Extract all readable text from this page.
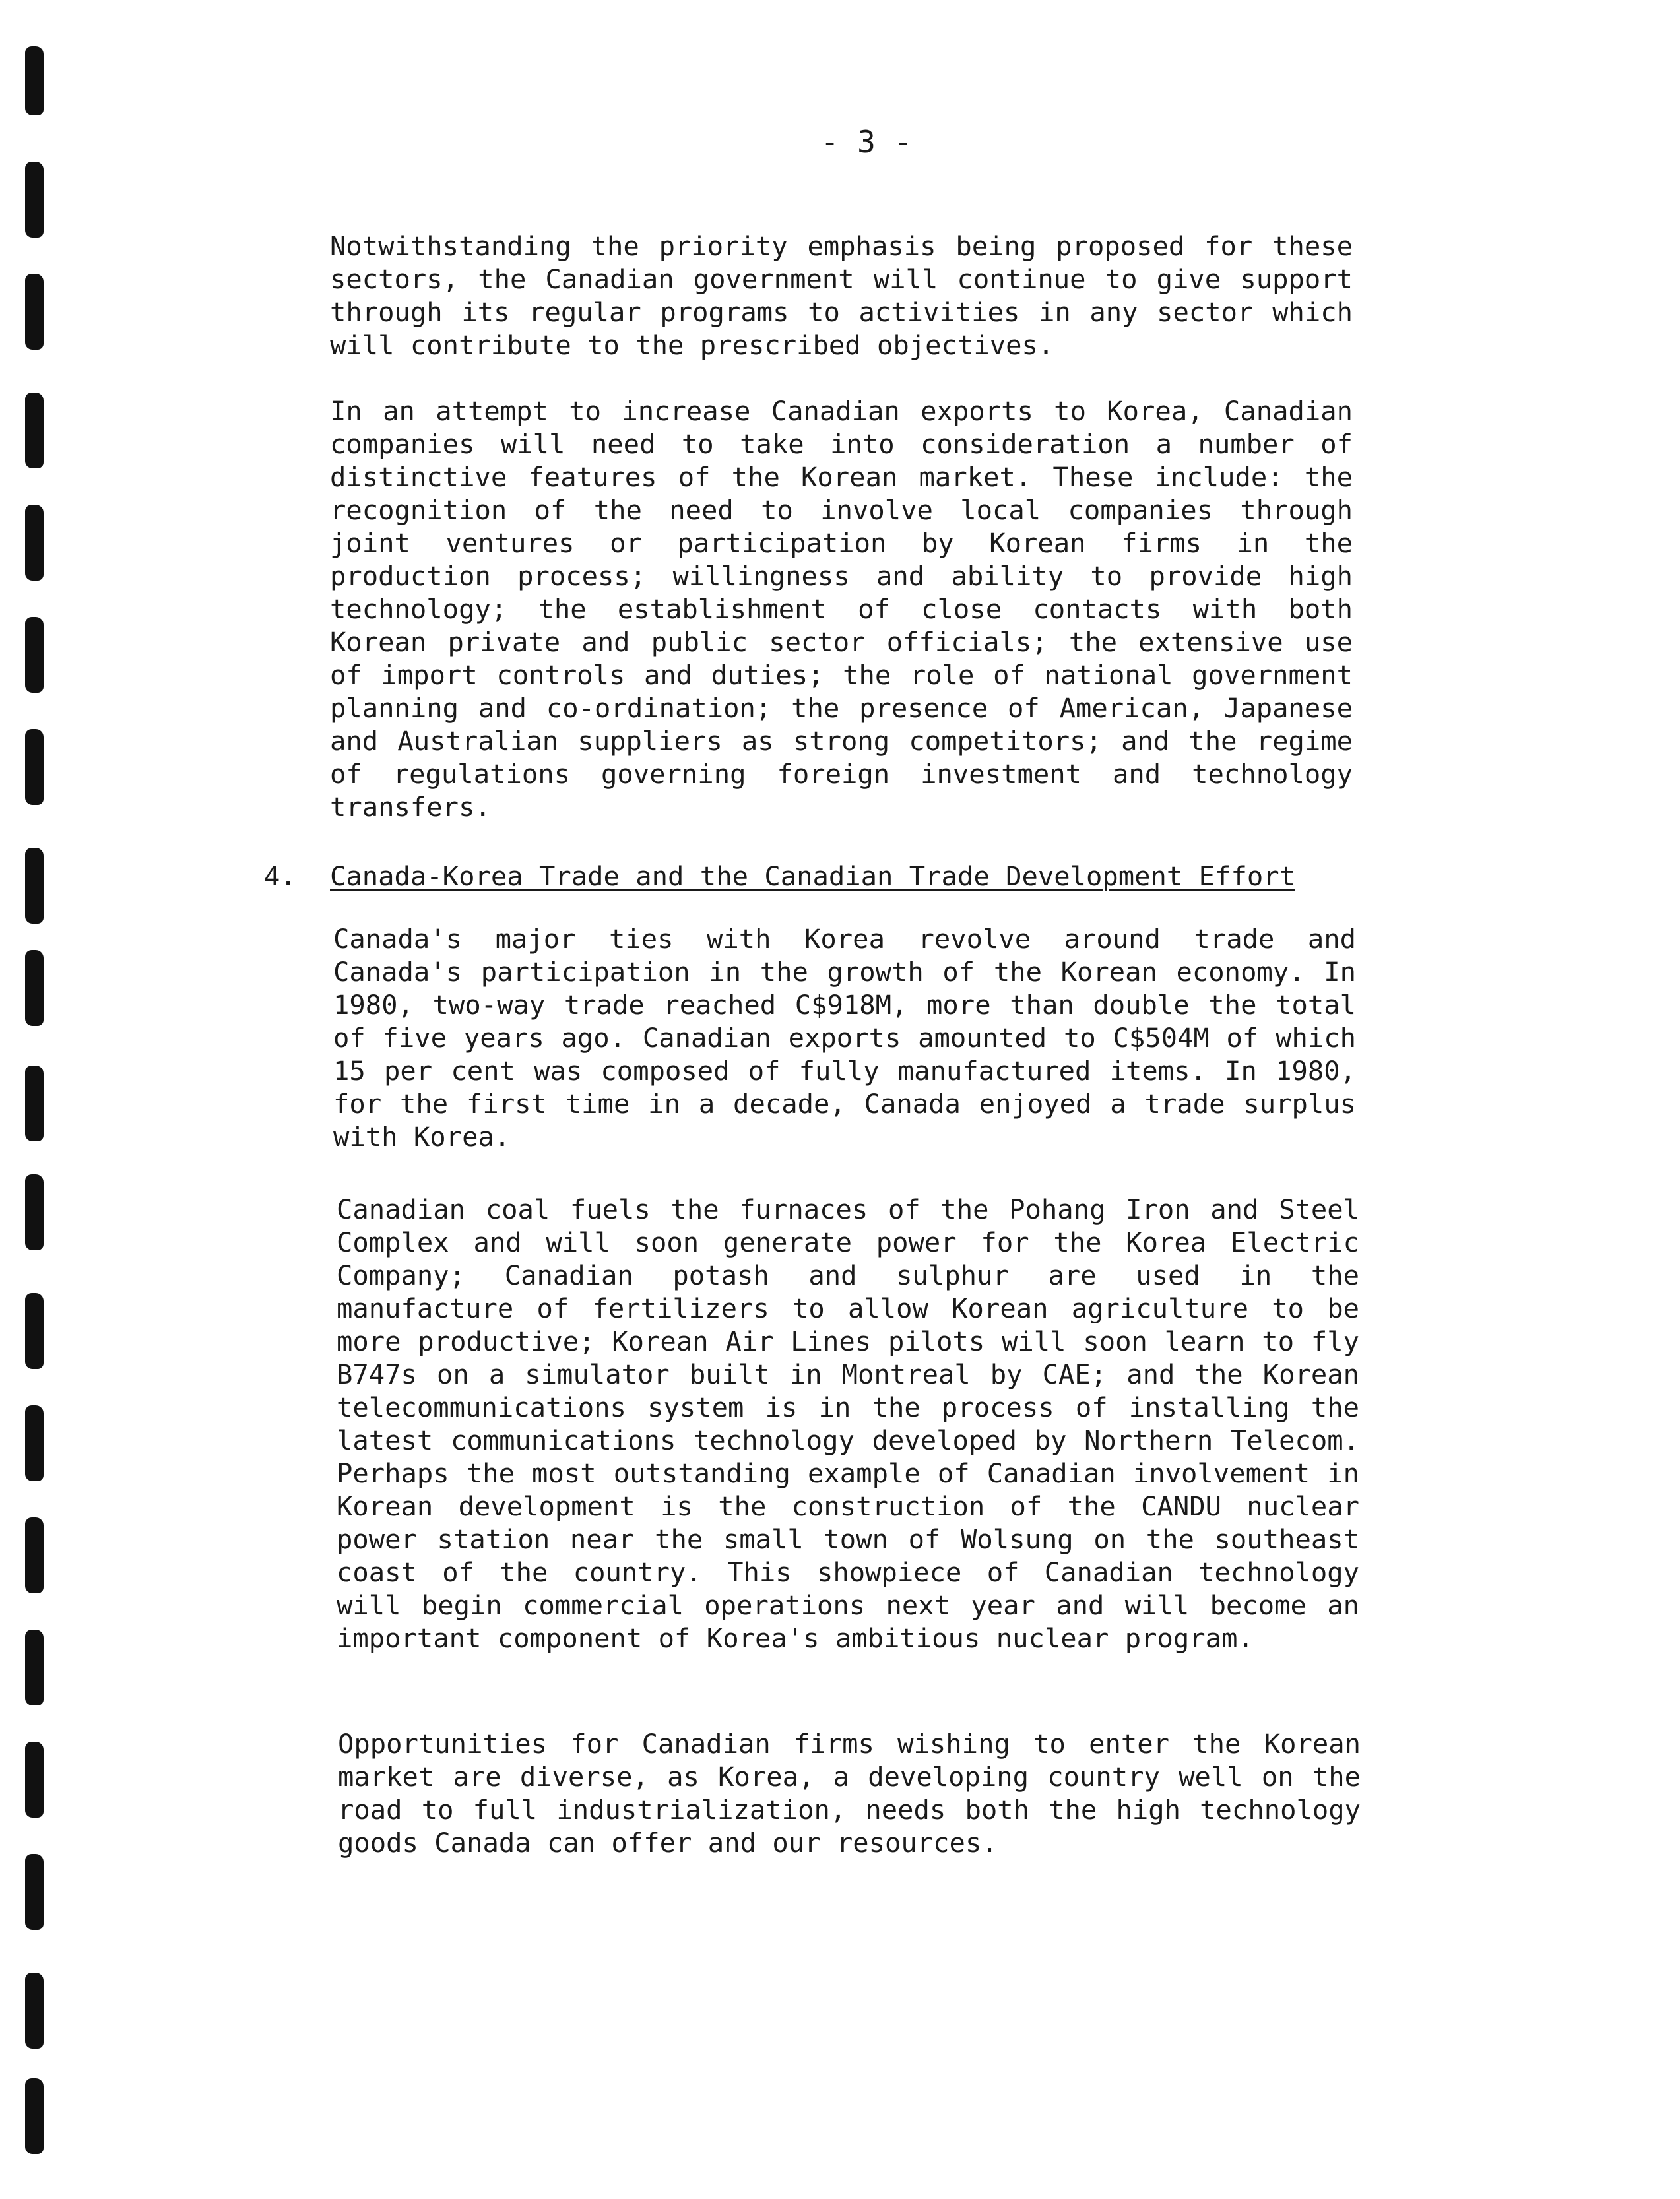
- 3 -

Notwithstanding the priority emphasis being proposed for these sectors, the Canadian government will continue to give support through its regular programs to activities in any sector which will contribute to the prescribed objectives.

In an attempt to increase Canadian exports to Korea, Canadian companies will need to take into consideration a number of distinctive features of the Korean market. These include: the recognition of the need to involve local companies through joint ventures or participation by Korean firms in the production process; willingness and ability to provide high technology; the establishment of close contacts with both Korean private and public sector officials; the extensive use of import controls and duties; the role of national government planning and co-ordination; the presence of American, Japanese and Australian suppliers as strong competitors; and the regime of regulations governing foreign investment and technology transfers.

4. Canada-Korea Trade and the Canadian Trade Development Effort

Canada's major ties with Korea revolve around trade and Canada's participation in the growth of the Korean economy. In 1980, two-way trade reached C$918M, more than double the total of five years ago. Canadian exports amounted to C$504M of which 15 per cent was composed of fully manufactured items. In 1980, for the first time in a decade, Canada enjoyed a trade surplus with Korea.

Canadian coal fuels the furnaces of the Pohang Iron and Steel Complex and will soon generate power for the Korea Electric Company; Canadian potash and sulphur are used in the manufacture of fertilizers to allow Korean agriculture to be more productive; Korean Air Lines pilots will soon learn to fly B747s on a simulator built in Montreal by CAE; and the Korean telecommunications system is in the process of installing the latest communications technology developed by Northern Telecom. Perhaps the most outstanding example of Canadian involvement in Korean development is the construction of the CANDU nuclear power station near the small town of Wolsung on the southeast coast of the country. This showpiece of Canadian technology will begin commercial operations next year and will become an important component of Korea's ambitious nuclear program.

Opportunities for Canadian firms wishing to enter the Korean market are diverse, as Korea, a developing country well on the road to full industrialization, needs both the high technology goods Canada can offer and our resources.
